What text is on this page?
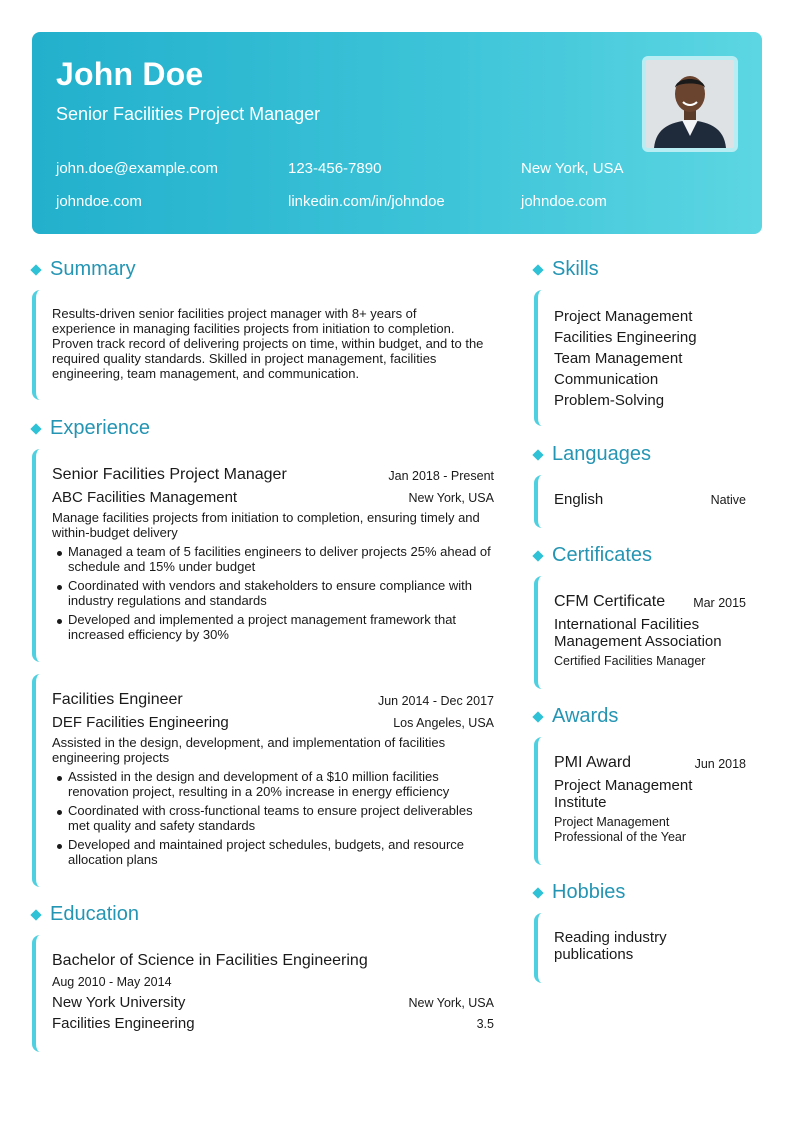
John Doe
Senior Facilities Project Manager
john.doe@example.com	123-456-7890	New York, USA
johndoe.com	linkedin.com/in/johndoe	johndoe.com
Summary
Results-driven senior facilities project manager with 8+ years of
experience in managing facilities projects from initiation to completion.
Proven track record of delivering projects on time, within budget, and to the
required quality standards. Skilled in project management, facilities
engineering, team management, and communication.
Experience
Senior Facilities Project Manager	Jan 2018 - Present
ABC Facilities Management	New York, USA
Manage facilities projects from initiation to completion, ensuring timely and
within-budget delivery
Managed a team of 5 facilities engineers to deliver projects 25% ahead of
schedule and 15% under budget
Coordinated with vendors and stakeholders to ensure compliance with
industry regulations and standards
Developed and implemented a project management framework that
increased efficiency by 30%
Facilities Engineer	Jun 2014 - Dec 2017
DEF Facilities Engineering	Los Angeles, USA
Assisted in the design, development, and implementation of facilities
engineering projects
Assisted in the design and development of a $10 million facilities
renovation project, resulting in a 20% increase in energy efficiency
Coordinated with cross-functional teams to ensure project deliverables
met quality and safety standards
Developed and maintained project schedules, budgets, and resource
allocation plans
Education
Bachelor of Science in Facilities Engineering
Aug 2010 - May 2014
New York University	New York, USA
Facilities Engineering	3.5
Skills
Project Management
Facilities Engineering
Team Management
Communication
Problem-Solving
Languages
English	Native
Certificates
CFM Certificate Mar 2015
International Facilities
Management Association
Certified Facilities Manager
Awards
PMI Award	Jun 2018
Project Management
Institute
Project Management
Professional of the Year
Hobbies
Reading industry
publications
